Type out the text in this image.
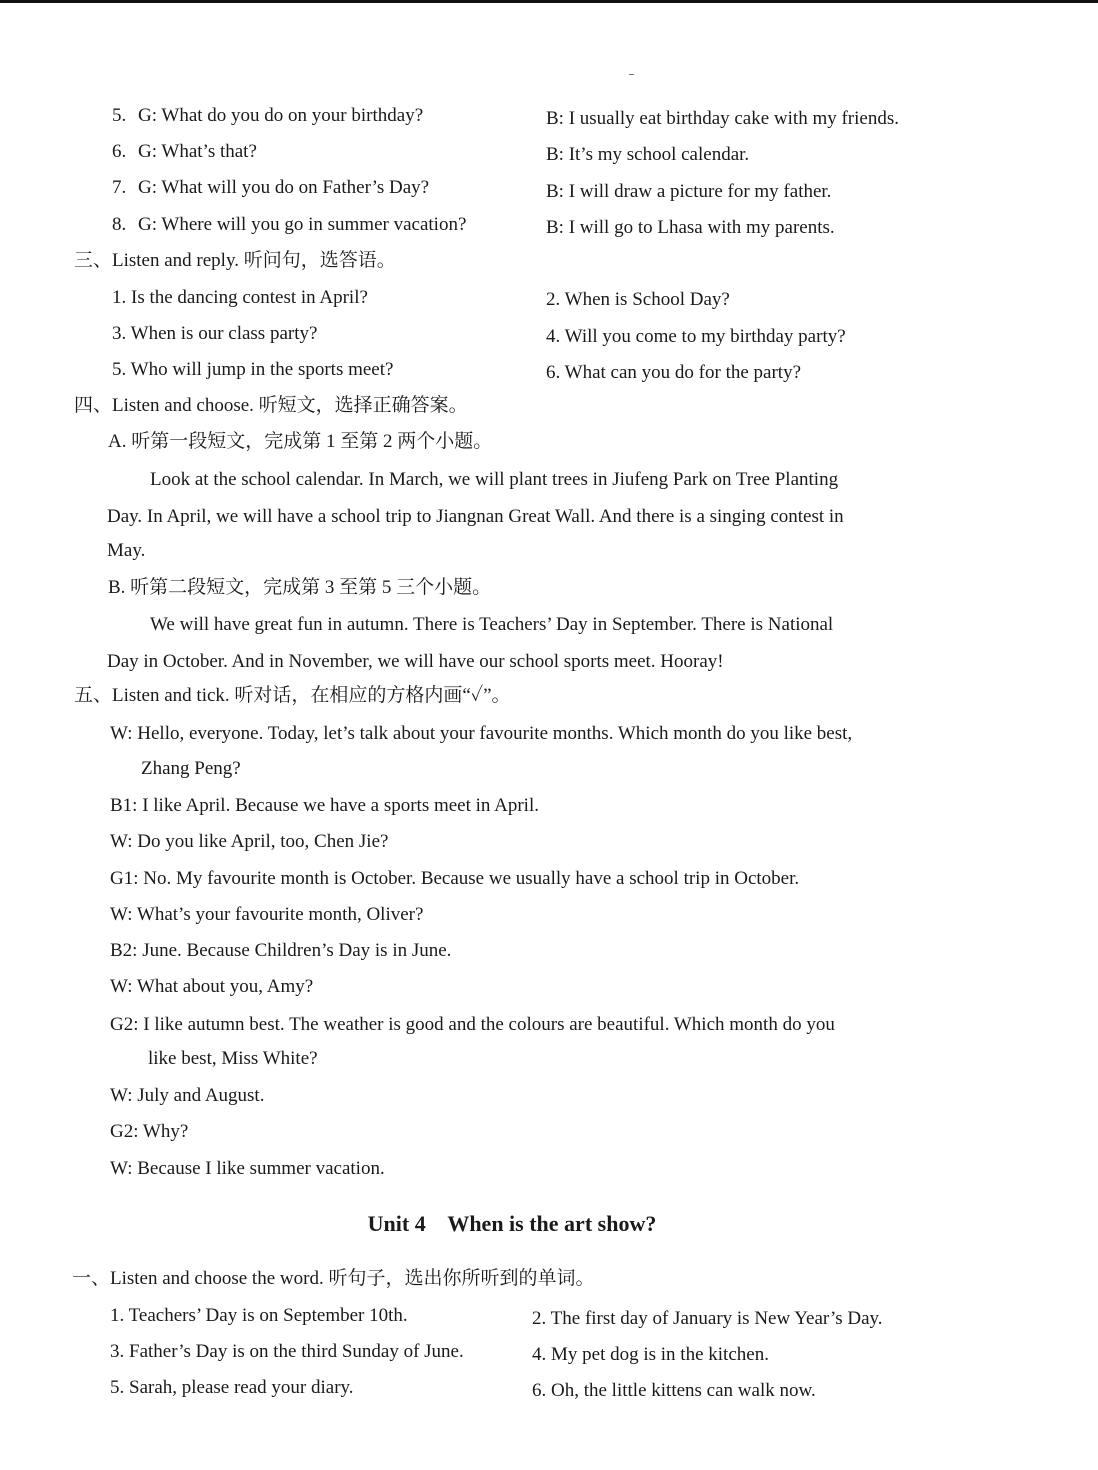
5. G: What do you do on your birthday?	B: I usually eat birthday cake with my friends.
6. G: What’s that?	B: It’s my school calendar.
7. G: What will you do on Father’s Day?	B: I will draw a picture for my father.
8. G: Where will you go in summer vacation?	B: I will go to Lhasa with my parents.
三、Listen and reply. 听问句，选答语。
1. Is the dancing contest in April?	2. When is School Day?
3. When is our class party?	4. Will you come to my birthday party?
5. Who will jump in the sports meet?	6. What can you do for the party?
四、Listen and choose. 听短文，选择正确答案。
A. 听第一段短文，完成第 1 至第 2 两个小题。
Look at the school calendar. In March, we will plant trees in Jiufeng Park on Tree Planting
Day. In April, we will have a school trip to Jiangnan Great Wall. And there is a singing contest in
May.
B. 听第二段短文，完成第 3 至第 5 三个小题。
We will have great fun in autumn. There is Teachers’ Day in September. There is National
Day in October. And in November, we will have our school sports meet. Hooray!
五、Listen and tick. 听对话，在相应的方格内画“✓”。
W: Hello, everyone. Today, let’s talk about your favourite months. Which month do you like best,
Zhang Peng?
B1: I like April. Because we have a sports meet in April.
W: Do you like April, too, Chen Jie?
G1: No. My favourite month is October. Because we usually have a school trip in October.
W: What’s your favourite month, Oliver?
B2: June. Because Children’s Day is in June.
W: What about you, Amy?
G2: I like autumn best. The weather is good and the colours are beautiful. Which month do you
like best, Miss White?
W: July and August.
G2: Why?
W: Because I like summer vacation.
Unit 4    When is the art show?
一、Listen and choose the word. 听句子，选出你所听到的单词。
1. Teachers’ Day is on September 10th.	2. The first day of January is New Year’s Day.
3. Father’s Day is on the third Sunday of June.	4. My pet dog is in the kitchen.
5. Sarah, please read your diary.	6. Oh, the little kittens can walk now.
